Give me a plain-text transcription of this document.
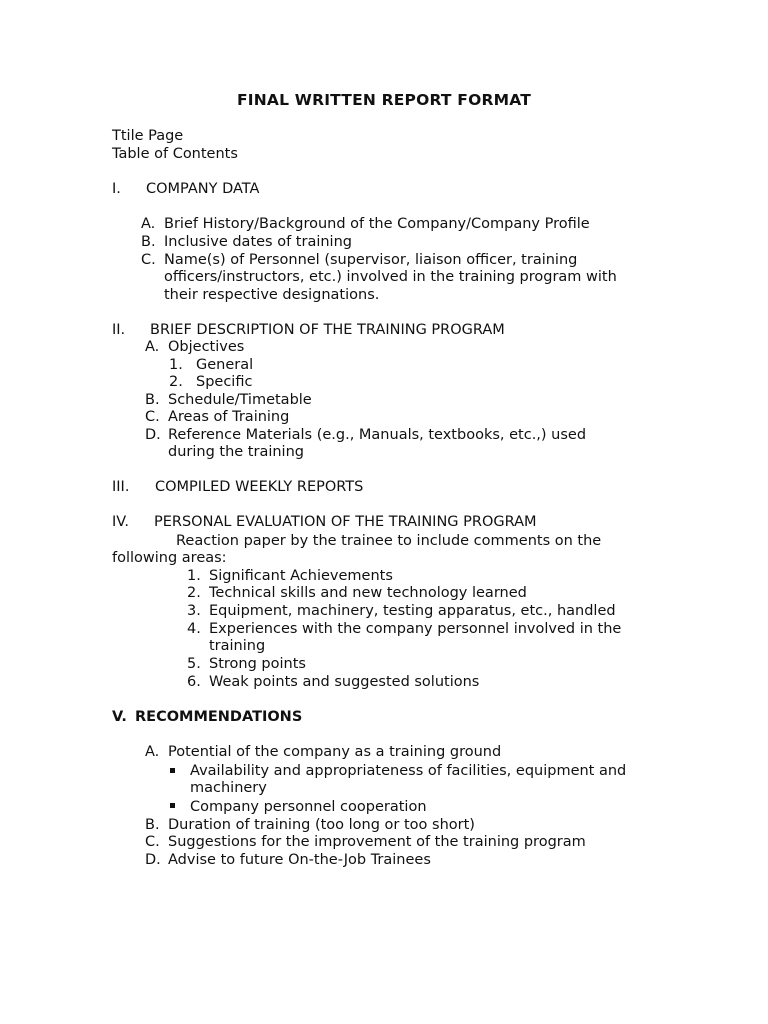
FINAL WRITTEN REPORT FORMAT
Ttile Page
Table of Contents
I. COMPANY DATA
A. Brief History/Background of the Company/Company Profile
B. Inclusive dates of training
C. Name(s) of Personnel (supervisor, liaison officer, training
officers/instructors, etc.) involved in the training program with
their respective designations.
II. BRIEF DESCRIPTION OF THE TRAINING PROGRAM
A. Objectives
1. General
2. Specific
B. Schedule/Timetable
C. Areas of Training
D. Reference Materials (e.g., Manuals, textbooks, etc.,) used
during the training
III. COMPILED WEEKLY REPORTS
IV. PERSONAL EVALUATION OF THE TRAINING PROGRAM
Reaction paper by the trainee to include comments on the
following areas:
1. Significant Achievements
2. Technical skills and new technology learned
3. Equipment, machinery, testing apparatus, etc., handled
4. Experiences with the company personnel involved in the
training
5. Strong points
6. Weak points and suggested solutions
V. RECOMMENDATIONS
A. Potential of the company as a training ground
Availability and appropriateness of facilities, equipment and
machinery
Company personnel cooperation
B. Duration of training (too long or too short)
C. Suggestions for the improvement of the training program
D. Advise to future On-the-Job Trainees
